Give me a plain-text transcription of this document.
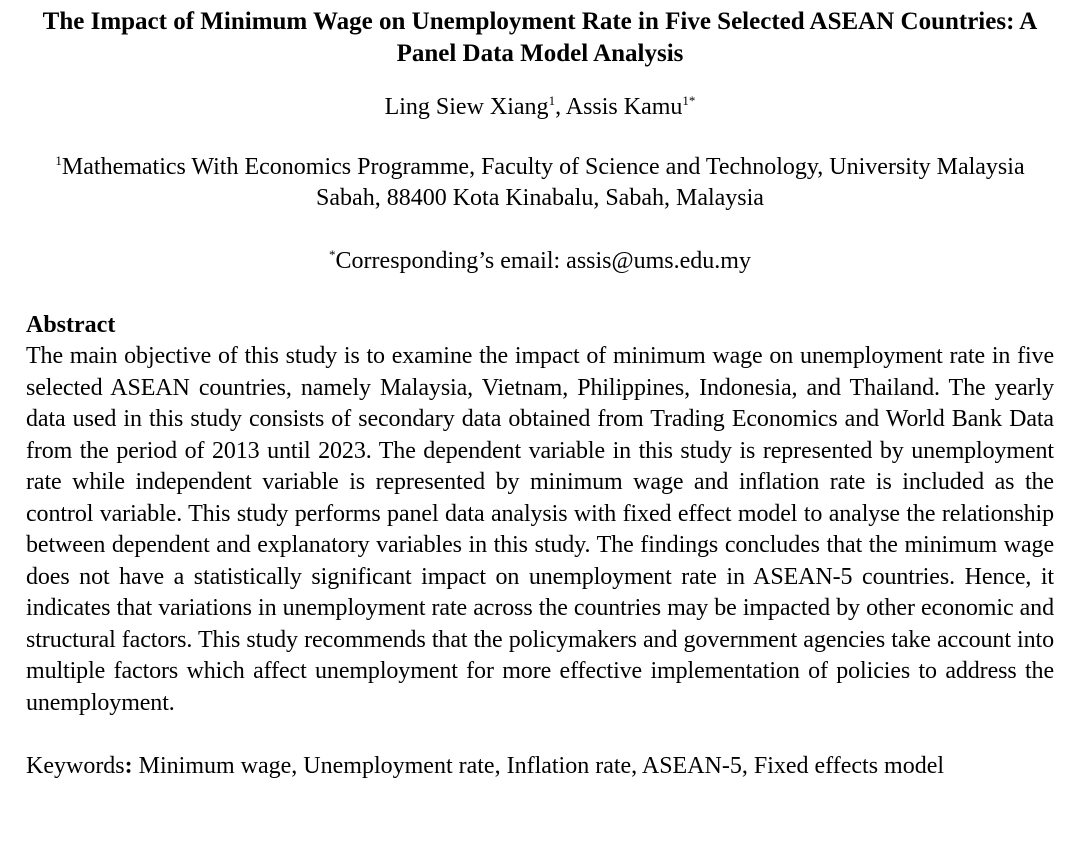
The Impact of Minimum Wage on Unemployment Rate in Five Selected ASEAN Countries: A Panel Data Model Analysis
Ling Siew Xiang$^1$, Assis Kamu$^{1*}$
$^1$Mathematics With Economics Programme, Faculty of Science and Technology, University Malaysia Sabah, 88400 Kota Kinabalu, Sabah, Malaysia
*Corresponding’s email: assis@ums.edu.my
Abstract
The main objective of this study is to examine the impact of minimum wage on unemployment rate in five selected ASEAN countries, namely Malaysia, Vietnam, Philippines, Indonesia, and Thailand. The yearly data used in this study consists of secondary data obtained from Trading Economics and World Bank Data from the period of 2013 until 2023. The dependent variable in this study is represented by unemployment rate while independent variable is represented by minimum wage and inflation rate is included as the control variable. This study performs panel data analysis with fixed effect model to analyse the relationship between dependent and explanatory variables in this study. The findings concludes that the minimum wage does not have a statistically significant impact on unemployment rate in ASEAN-5 countries. Hence, it indicates that variations in unemployment rate across the countries may be impacted by other economic and structural factors. This study recommends that the policymakers and government agencies take account into multiple factors which affect unemployment for more effective implementation of policies to address the unemployment.
Keywords: Minimum wage, Unemployment rate, Inflation rate, ASEAN-5, Fixed effects model
